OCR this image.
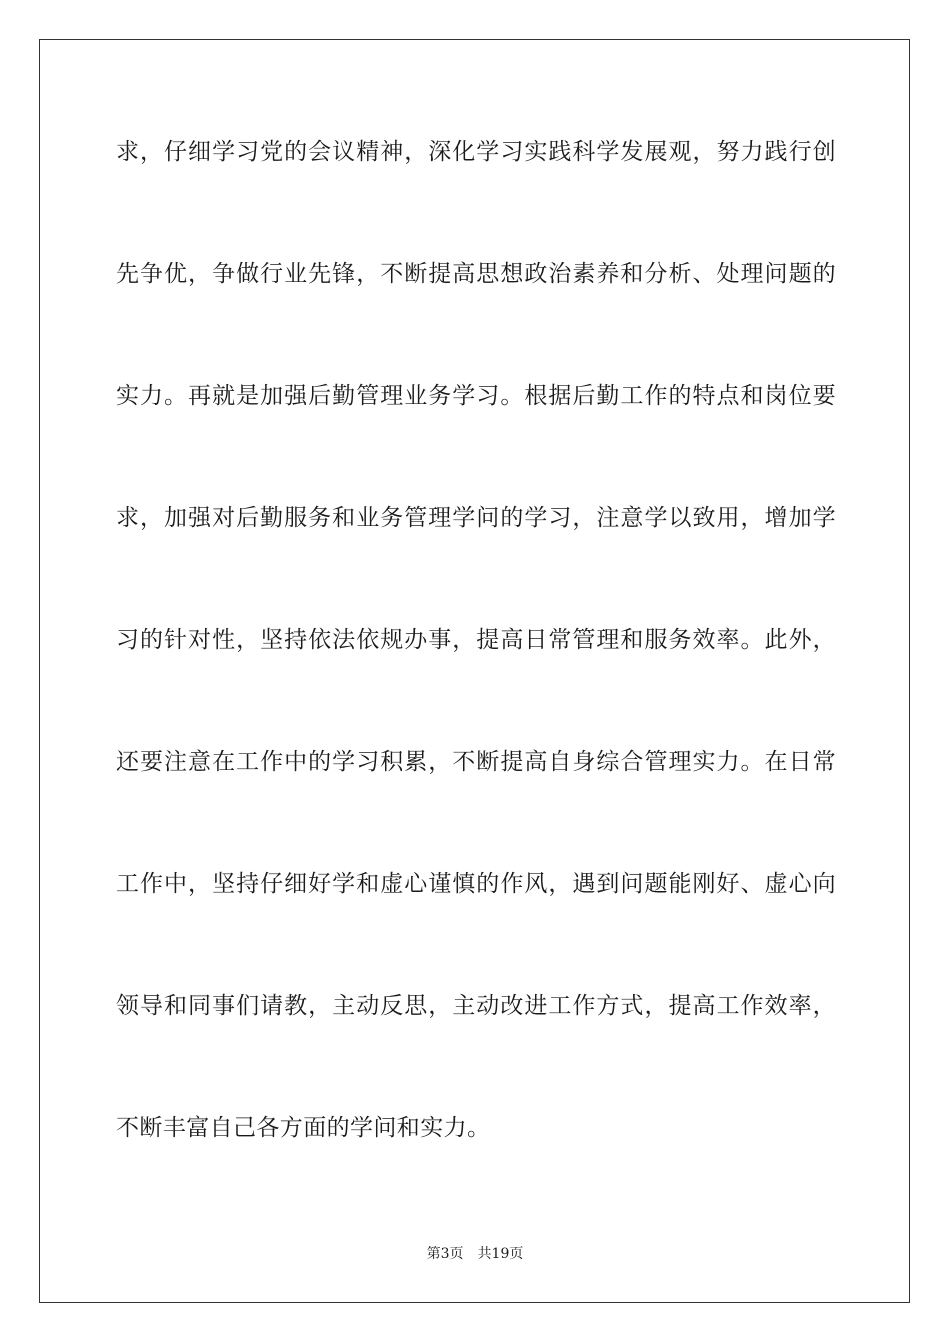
求，仔细学习党的会议精神，深化学习实践科学发展观，努力践行创
先争优，争做行业先锋，不断提高思想政治素养和分析、处理问题的
实力。再就是加强后勤管理业务学习。根据后勤工作的特点和岗位要
求，加强对后勤服务和业务管理学问的学习，注意学以致用，增加学
习的针对性，坚持依法依规办事，提高日常管理和服务效率。此外，
还要注意在工作中的学习积累，不断提高自身综合管理实力。在日常
工作中，坚持仔细好学和虚心谨慎的作风，遇到问题能刚好、虚心向
领导和同事们请教，主动反思，主动改进工作方式，提高工作效率，
不断丰富自己各方面的学问和实力。
第3页 共19页
